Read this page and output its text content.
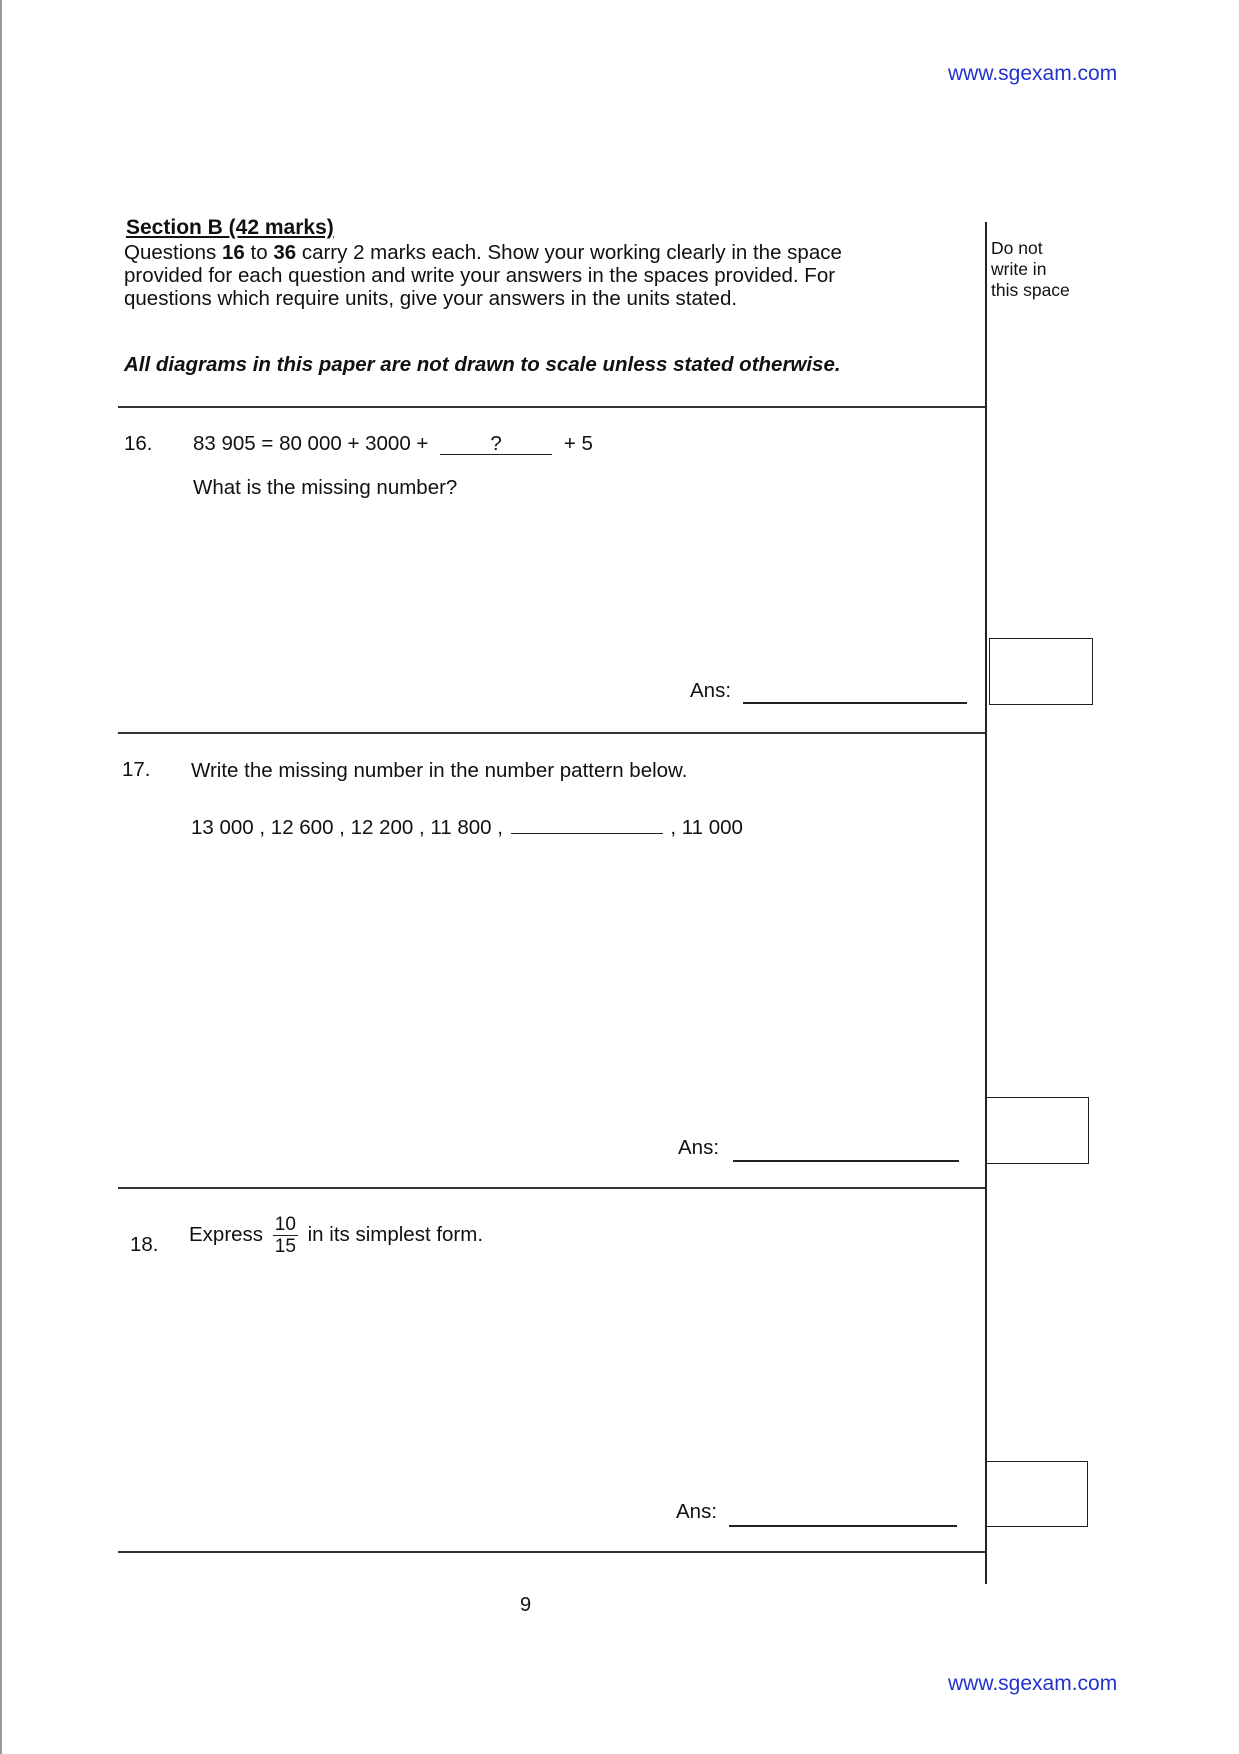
www.sgexam.com
Section B (42 marks)
Questions 16 to 36 carry 2 marks each. Show your working clearly in the space
provided for each question and write your answers in the spaces provided. For
questions which require units, give your answers in the units stated.
All diagrams in this paper are not drawn to scale unless stated otherwise.
Do not
write in
this space
16. 83 905 = 80 000 + 3000 +	?	+ 5
What is the missing number?
Ans:
17. Write the missing number in the number pattern below.
13 000 , 12 600 , 12 200 , 11 800 ,	, 11 000
Ans:
18. Express $\frac{10}{15}$ in its simplest form.
Ans:
9
www.sgexam.com
